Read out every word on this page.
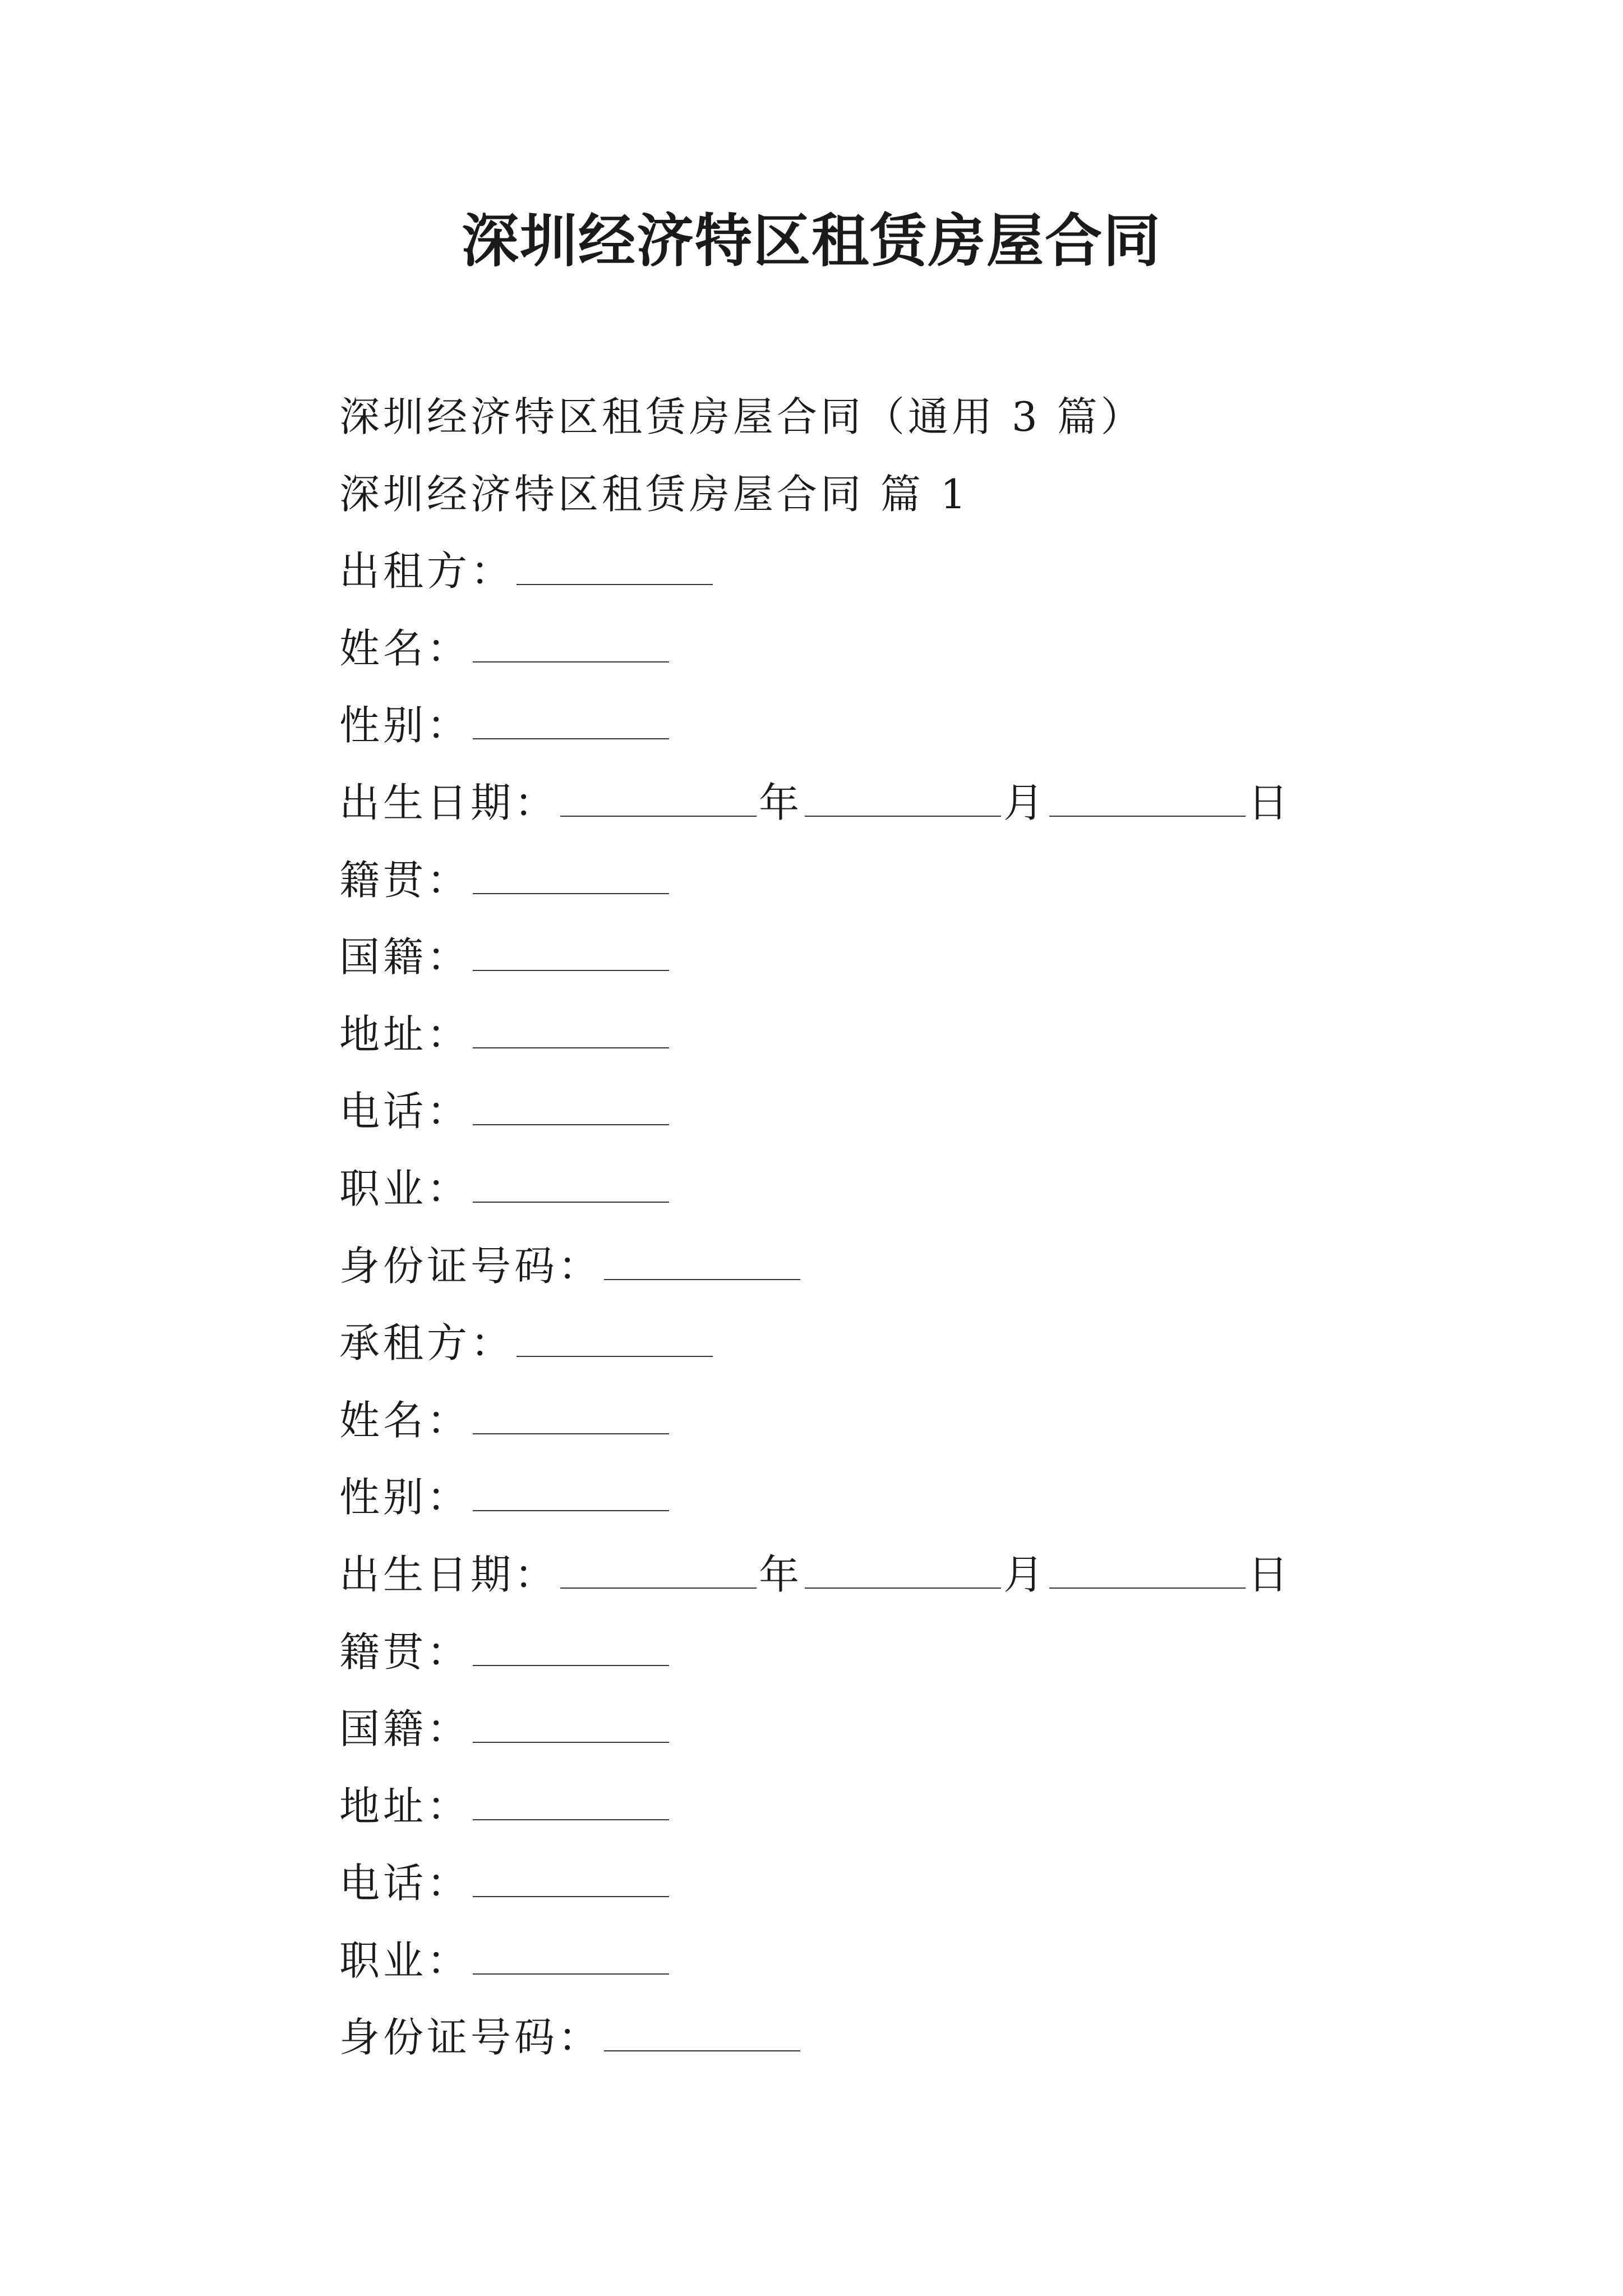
深圳经济特区租赁房屋合同
深圳经济特区租赁房屋合同（通用 3 篇）
深圳经济特区租赁房屋合同 篇 1
出租方：
姓名：
性别：
出生日期：	年	月	日
籍贯：
国籍：
地址：
电话：
职业：
身份证号码：
承租方：
姓名：
性别：
出生日期：	年	月	日
籍贯：
国籍：
地址：
电话：
职业：
身份证号码：
